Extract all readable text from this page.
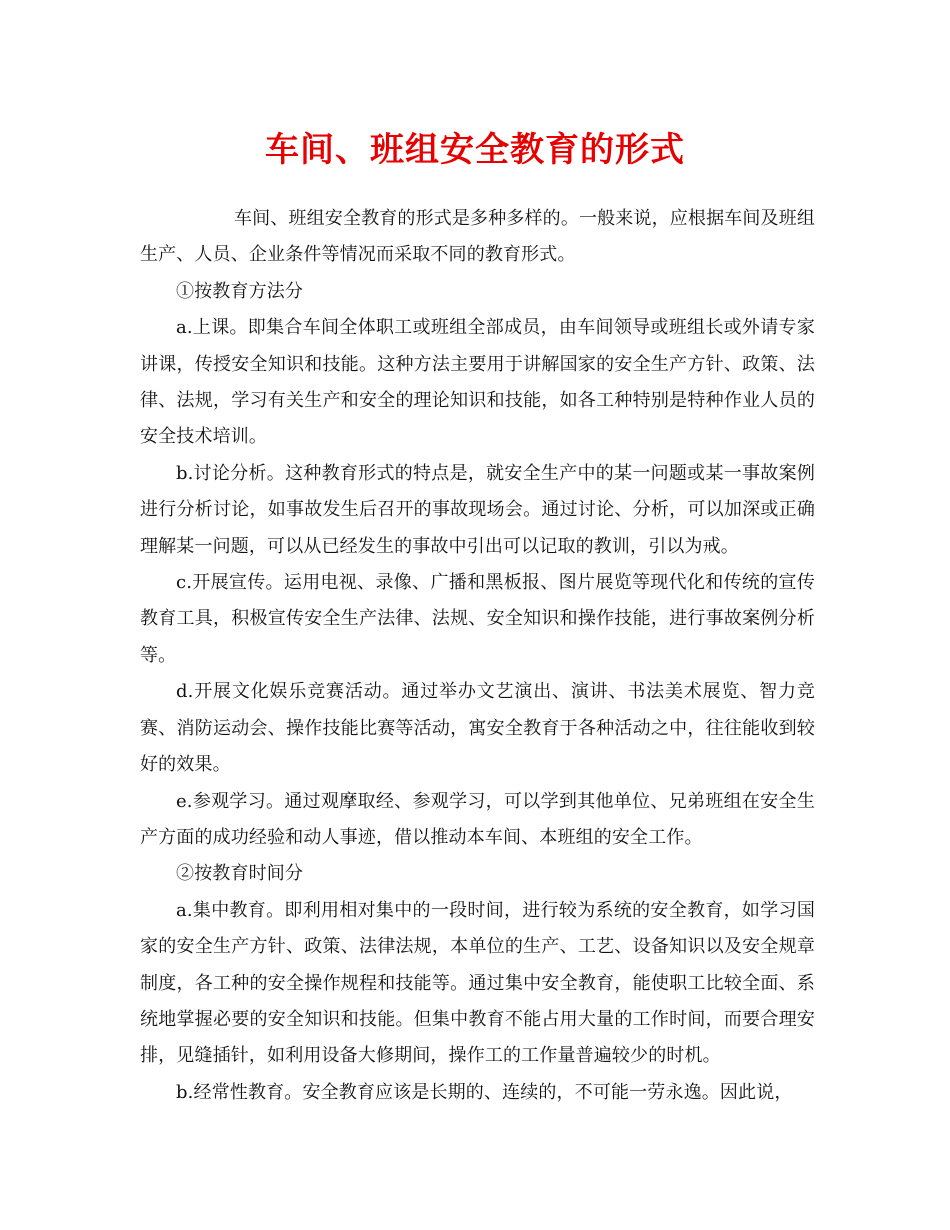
车间、班组安全教育的形式

车间、班组安全教育的形式是多种多样的。一般来说，应根据车间及班组生产、人员、企业条件等情况而采取不同的教育形式。

①按教育方法分

a.上课。即集合车间全体职工或班组全部成员，由车间领导或班组长或外请专家讲课，传授安全知识和技能。这种方法主要用于讲解国家的安全生产方针、政策、法律、法规，学习有关生产和安全的理论知识和技能，如各工种特别是特种作业人员的安全技术培训。

b.讨论分析。这种教育形式的特点是，就安全生产中的某一问题或某一事故案例进行分析讨论，如事故发生后召开的事故现场会。通过讨论、分析，可以加深或正确理解某一问题，可以从已经发生的事故中引出可以记取的教训，引以为戒。

c.开展宣传。运用电视、录像、广播和黑板报、图片展览等现代化和传统的宣传教育工具，积极宣传安全生产法律、法规、安全知识和操作技能，进行事故案例分析等。

d.开展文化娱乐竞赛活动。通过举办文艺演出、演讲、书法美术展览、智力竞赛、消防运动会、操作技能比赛等活动，寓安全教育于各种活动之中，往往能收到较好的效果。

e.参观学习。通过观摩取经、参观学习，可以学到其他单位、兄弟班组在安全生产方面的成功经验和动人事迹，借以推动本车间、本班组的安全工作。

②按教育时间分

a.集中教育。即利用相对集中的一段时间，进行较为系统的安全教育，如学习国家的安全生产方针、政策、法律法规，本单位的生产、工艺、设备知识以及安全规章制度，各工种的安全操作规程和技能等。通过集中安全教育，能使职工比较全面、系统地掌握必要的安全知识和技能。但集中教育不能占用大量的工作时间，而要合理安排，见缝插针，如利用设备大修期间，操作工的工作量普遍较少的时机。

b.经常性教育。安全教育应该是长期的、连续的，不可能一劳永逸。因此说，
